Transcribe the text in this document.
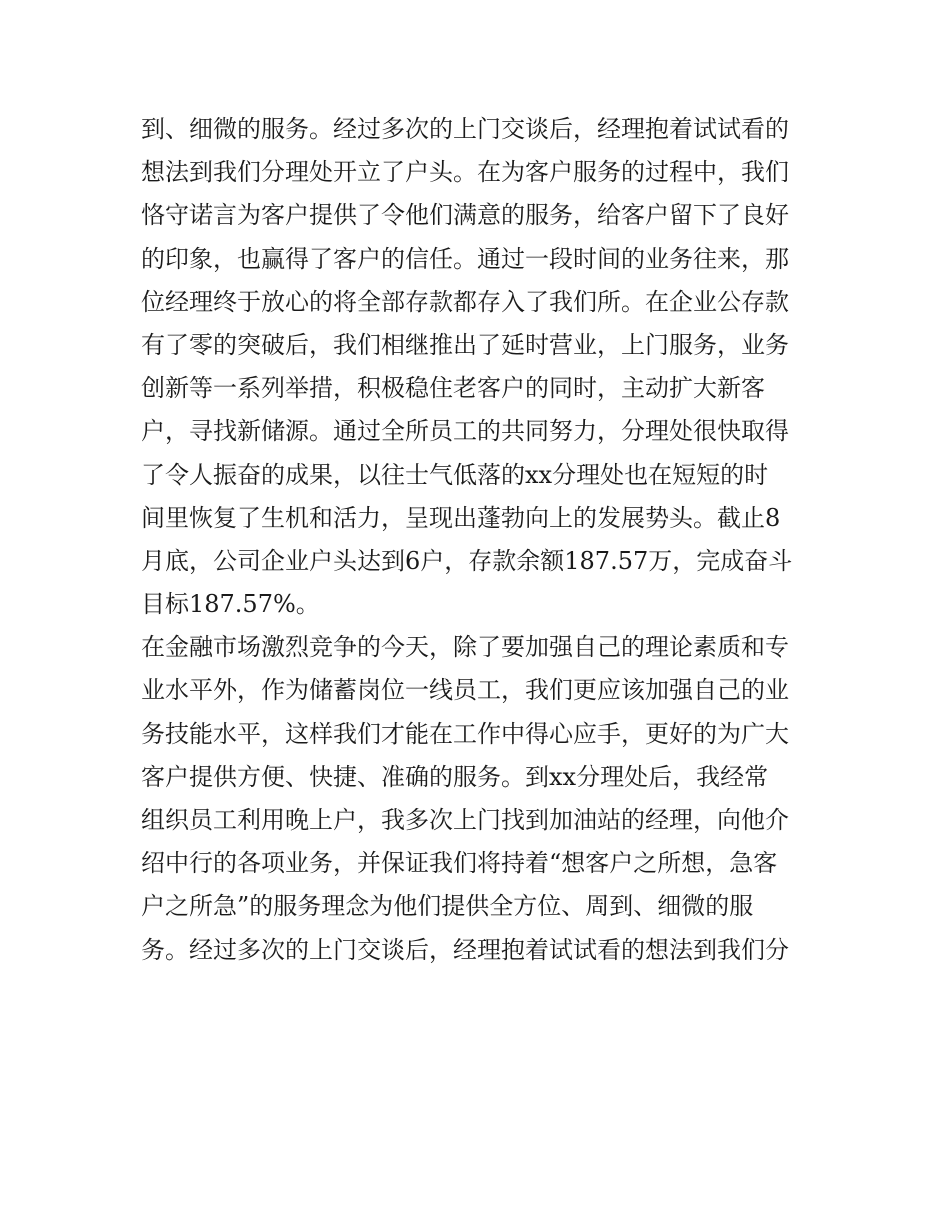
到、细微的服务。经过多次的上门交谈后，经理抱着试试看的
想法到我们分理处开立了户头。在为客户服务的过程中，我们
恪守诺言为客户提供了令他们满意的服务，给客户留下了良好
的印象，也赢得了客户的信任。通过一段时间的业务往来，那
位经理终于放心的将全部存款都存入了我们所。在企业公存款
有了零的突破后，我们相继推出了延时营业，上门服务，业务
创新等一系列举措，积极稳住老客户的同时，主动扩大新客
户，寻找新储源。通过全所员工的共同努力，分理处很快取得
了令人振奋的成果，以往士气低落的xx分理处也在短短的时
间里恢复了生机和活力，呈现出蓬勃向上的发展势头。截止8
月底，公司企业户头达到6户，存款余额187.57万，完成奋斗
目标187.57%。
在金融市场激烈竞争的今天，除了要加强自己的理论素质和专
业水平外，作为储蓄岗位一线员工，我们更应该加强自己的业
务技能水平，这样我们才能在工作中得心应手，更好的为广大
客户提供方便、快捷、准确的服务。到xx分理处后，我经常
组织员工利用晚上户，我多次上门找到加油站的经理，向他介
绍中行的各项业务，并保证我们将持着“想客户之所想，急客
户之所急”的服务理念为他们提供全方位、周到、细微的服
务。经过多次的上门交谈后，经理抱着试试看的想法到我们分
